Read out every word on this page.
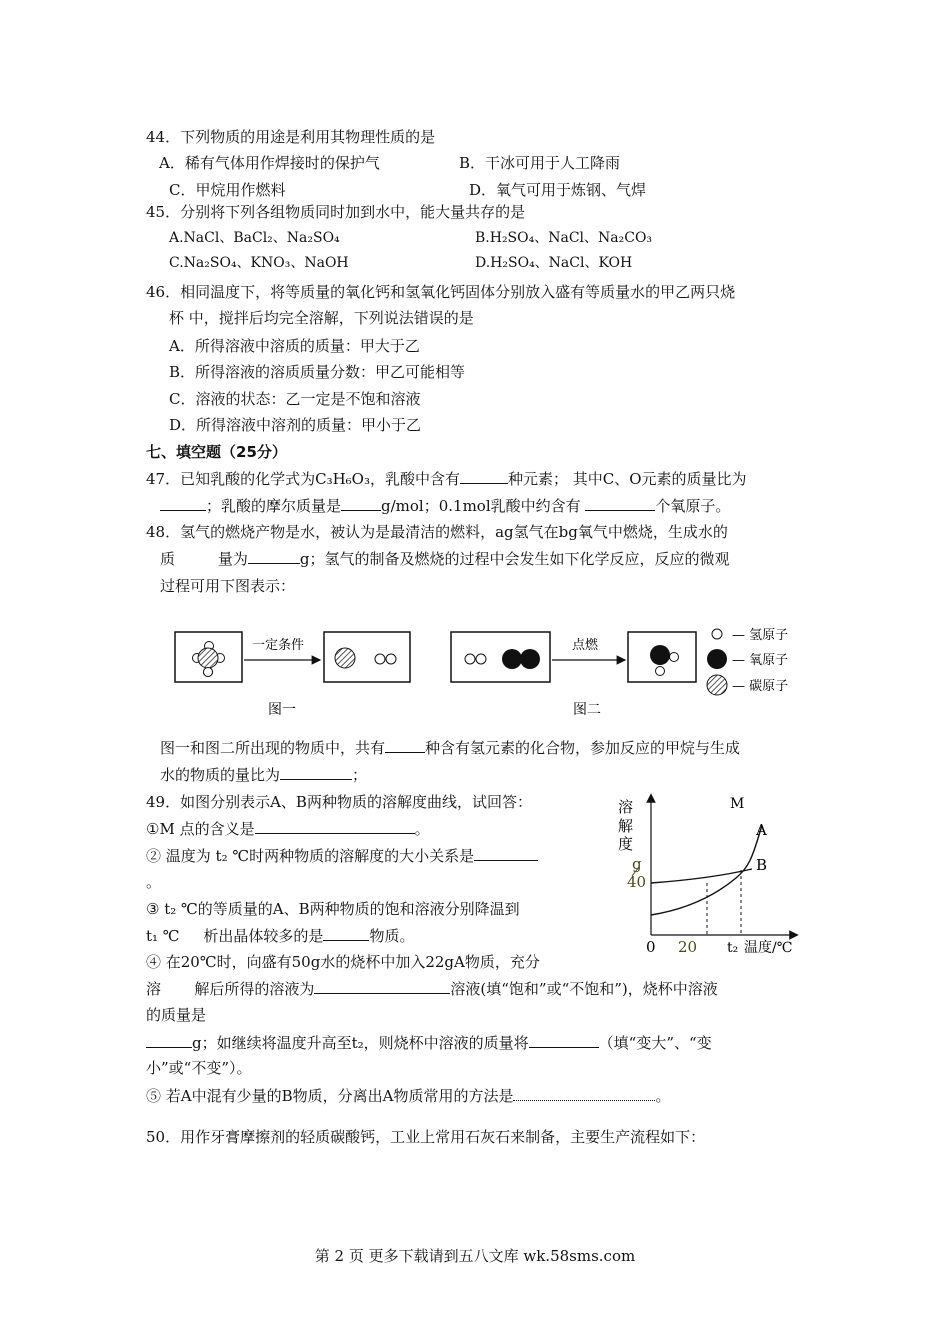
44．下列物质的用途是利用其物理性质的是
A．稀有气体用作焊接时的保护气	B．干冰可用于人工降雨
C．甲烷用作燃料	D．氧气可用于炼钢、气焊
45．分别将下列各组物质同时加到水中，能大量共存的是
A.NaCl、BaCl₂、Na₂SO₄	B.H₂SO₄、NaCl、Na₂CO₃
C.Na₂SO₄、KNO₃、NaOH	D.H₂SO₄、NaCl、KOH
46．相同温度下，将等质量的氧化钙和氢氧化钙固体分别放入盛有等质量水的甲乙两只烧
杯 中，搅拌后均完全溶解，下列说法错误的是
A．所得溶液中溶质的质量：甲大于乙
B．所得溶液的溶质质量分数：甲乙可能相等
C．溶液的状态：乙一定是不饱和溶液
D．所得溶液中溶剂的质量：甲小于乙
七、填空题（25分）
47．已知乳酸的化学式为C₃H₆O₃，乳酸中含有	种元素； 其中C、O元素的质量比为
；乳酸的摩尔质量是	g/mol；0.1mol乳酸中约含有	个氧原子。
48．氢气的燃烧产物是水，被认为是最清洁的燃料，ag氢气在bg氧气中燃烧，生成水的
质         量为	g；氢气的制备及燃烧的过程中会发生如下化学反应，反应的微观
过程可用下图表示：
一定条件	点燃
— 氢原子
— 氧原子
— 碳原子
图一	图二
图一和图二所出现的物质中，共有	种含有氢元素的化合物，参加反应的甲烷与生成
水的物质的量比为	；
49．如图分别表示A、B两种物质的溶解度曲线，试回答：
①M 点的含义是	。
② 温度为 t₂ ℃时两种物质的溶解度的大小关系是
。
③ t₂ ℃的等质量的A、B两种物质的饱和溶液分别降温到
t₁ ℃     析出晶体较多的是	物质。
④ 在20℃时，向盛有50g水的烧杯中加入22gA物质，充分
溶       解后所得的溶液为	溶液(填“饱和”或“不饱和”)，烧杯中溶液
的质量是
g；如继续将温度升高至t₂，则烧杯中溶液的质量将	（填“变大”、“变
小”或“不变”）。
⑤ 若A中混有少量的B物质，分离出A物质常用的方法是	。
溶
解
度
g
40
M
A
B
0 20 t₂ 温度/℃
50．用作牙膏摩擦剂的轻质碳酸钙，工业上常用石灰石来制备，主要生产流程如下：
第 2 页 更多下载请到五八文库 wk.58sms.com
